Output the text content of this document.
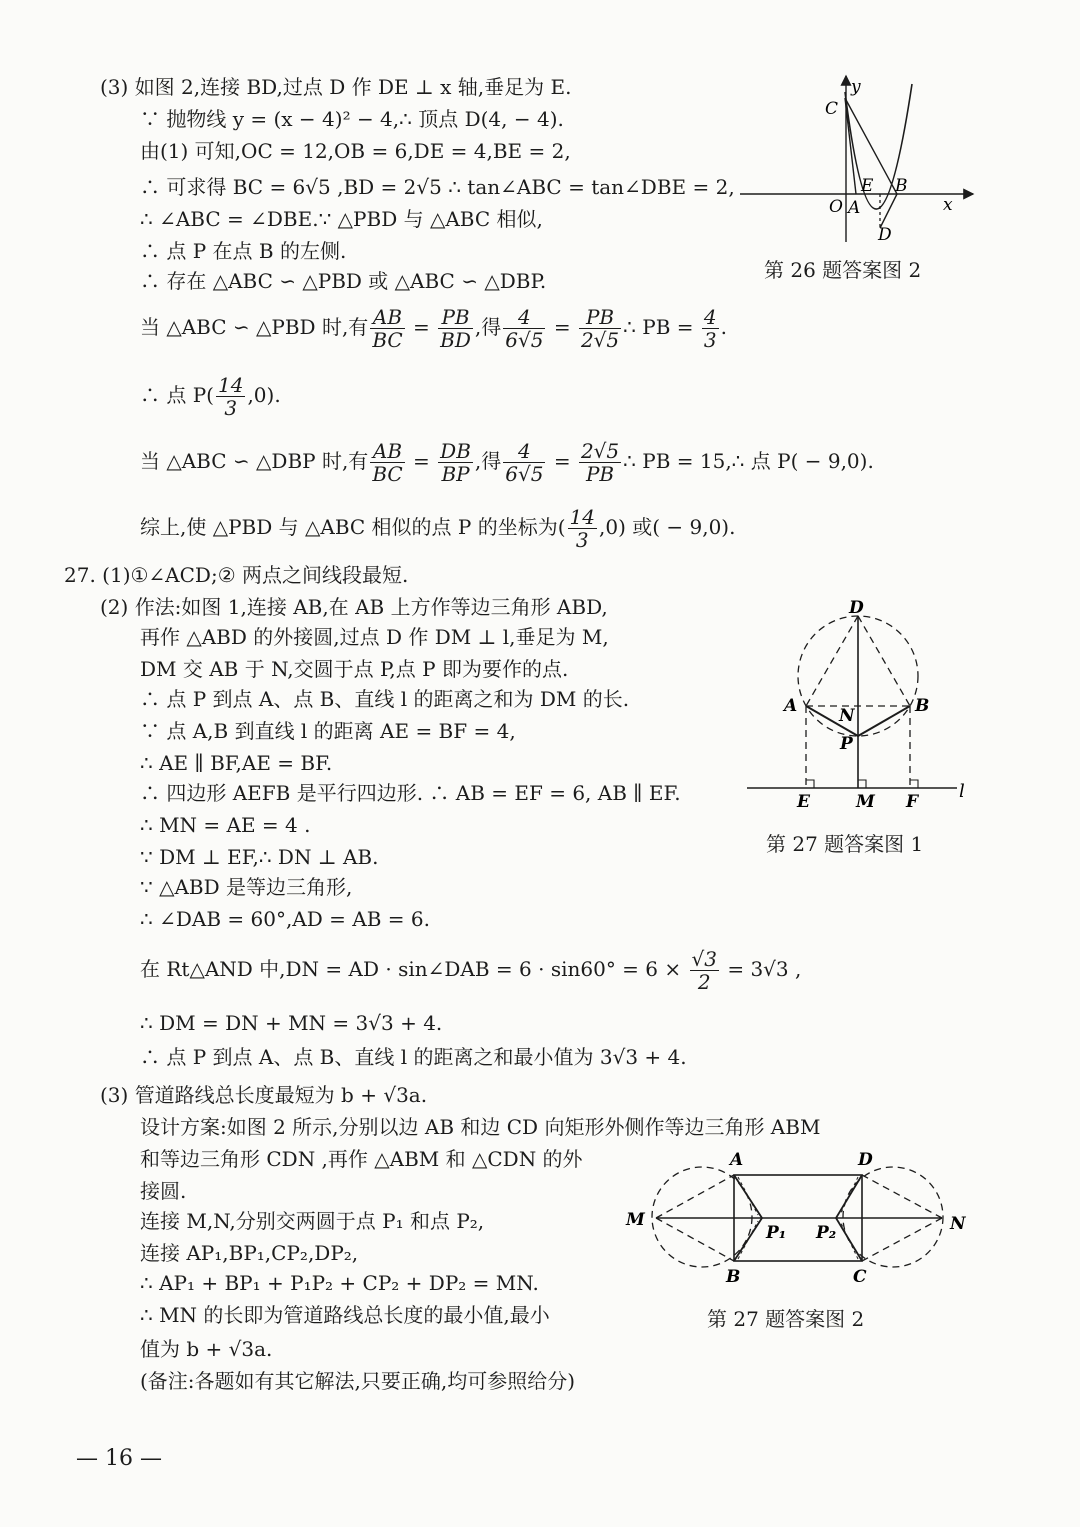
(3) 如图 2,连接 BD,过点 D 作 DE ⊥ x 轴,垂足为 E.
∵ 抛物线 y = (x − 4)² − 4,∴ 顶点 D(4, − 4).
由(1) 可知,OC = 12,OB = 6,DE = 4,BE = 2,
∴ 可求得 BC = 6√5 ,BD = 2√5 ∴ tan∠ABC = tan∠DBE = 2,
∴ ∠ABC = ∠DBE.∵ △PBD 与 △ABC 相似,
∴ 点 P 在点 B 的左侧.
∴ 存在 △ABC ∽ △PBD 或 △ABC ∽ △DBP.
当 △ABC ∽ △PBD 时,有 $\frac{AB}{BC} = \frac{PB}{BD}$ ,得 $\frac{4}{6√5} = \frac{PB}{2√5}$ ∴ PB = $\frac{4}{3}$ .
∴ 点 $P( \frac{14}{3} ,0)$.
当 △ABC ∽ △DBP 时,有 $\frac{AB}{BC} = \frac{DB}{BP}$ ,得 $\frac{4}{6√5} = \frac{2√5}{PB}$ ∴ PB = 15,∴ 点 P( − 9,0).
综上,使 △PBD 与 △ABC 相似的点 P 的坐标为( $\frac{14}{3} ,0$) 或( − 9,0).
C
y
E B
O A	x
D
第 26 题答案图 2
27. (1)①∠ACD;② 两点之间线段最短.
(2) 作法:如图 1,连接 AB,在 AB 上方作等边三角形 ABD,
再作 △ABD 的外接圆,过点 D 作 DM ⊥ l,垂足为 M,
DM 交 AB 于 N,交圆于点 P,点 P 即为要作的点.
∴ 点 P 到点 A、点 B、直线 l 的距离之和为 DM 的长.
∵ 点 A,B 到直线 l 的距离 AE = BF = 4,
∴ AE ∥ BF,AE = BF.
∴ 四边形 AEFB 是平行四边形. ∴ AB = EF = 6, AB ∥ EF.
∴ MN = AE = 4 .
∵ DM ⊥ EF,∴ DN ⊥ AB.
∵ △ABD 是等边三角形,
∴ ∠DAB = 60°,AD = AB = 6.
在 Rt△AND 中,DN = AD · sin∠DAB = $6 \cdot \sin 60^\circ = 6 \times \frac{√3}{2} = 3√3$ ,
∴ DM = DN + MN = 3√3 + 4.
∴ 点 P 到点 A、点 B、直线 l 的距离之和最小值为 3√3 + 4.
(3) 管道路线总长度最短为 b + √3a.
设计方案:如图 2 所示,分别以边 AB 和边 CD 向矩形外侧作等边三角形 ABM
和等边三角形 CDN ,再作 △ABM 和 △CDN 的外
接圆.
连接 M,N,分别交两圆于点 P₁ 和点 P₂,
连接 AP₁,BP₁,CP₂,DP₂,
∴ AP₁ + BP₁ + P₁P₂ + CP₂ + DP₂ = MN.
∴ MN 的长即为管道路线总长度的最小值,最小
值为 b + √3a.
(备注:各题如有其它解法,只要正确,均可参照给分)
D
A N	B
P
E	M F l
第 27 题答案图 1
A	D
M	N
P₁ P₂
B	C
第 27 题答案图 2
— 16 —
